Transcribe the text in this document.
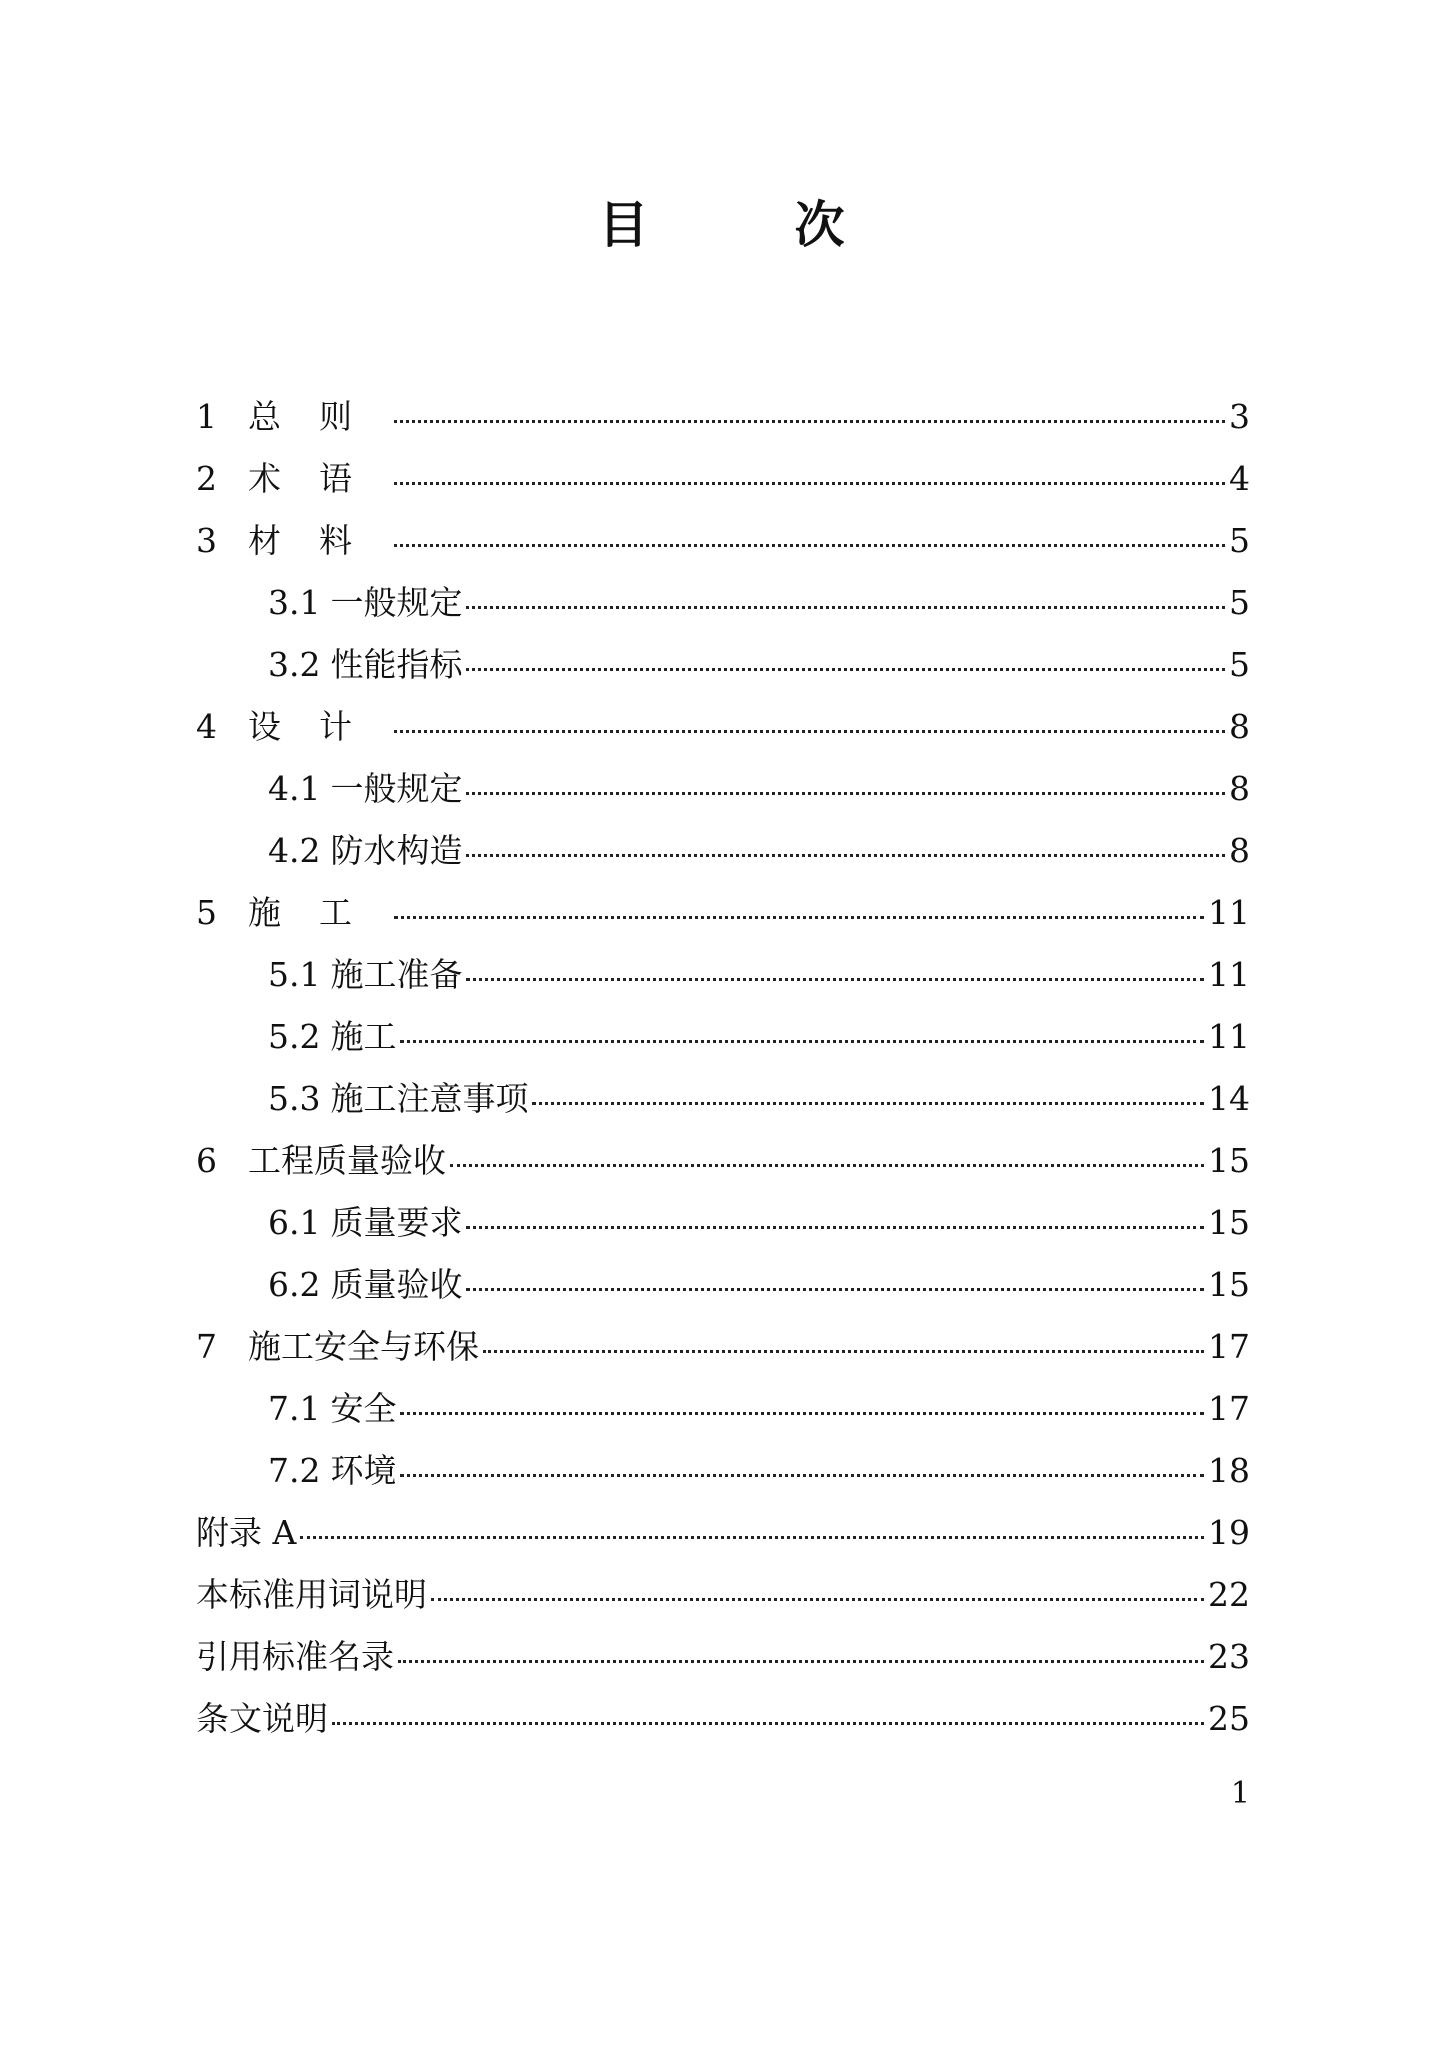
目　次
1 总则	3
2 术语	4
3 材料	5
3.1 一般规定	5
3.2 性能指标	5
4 设计	8
4.1 一般规定	8
4.2 防水构造	8
5 施工	11
5.1 施工准备	11
5.2 施工	11
5.3 施工注意事项	14
6 工程质量验收	15
6.1 质量要求	15
6.2 质量验收	15
7 施工安全与环保	17
7.1 安全	17
7.2 环境	18
附录 A	19
本标准用词说明	22
引用标准名录	23
条文说明	25

1
